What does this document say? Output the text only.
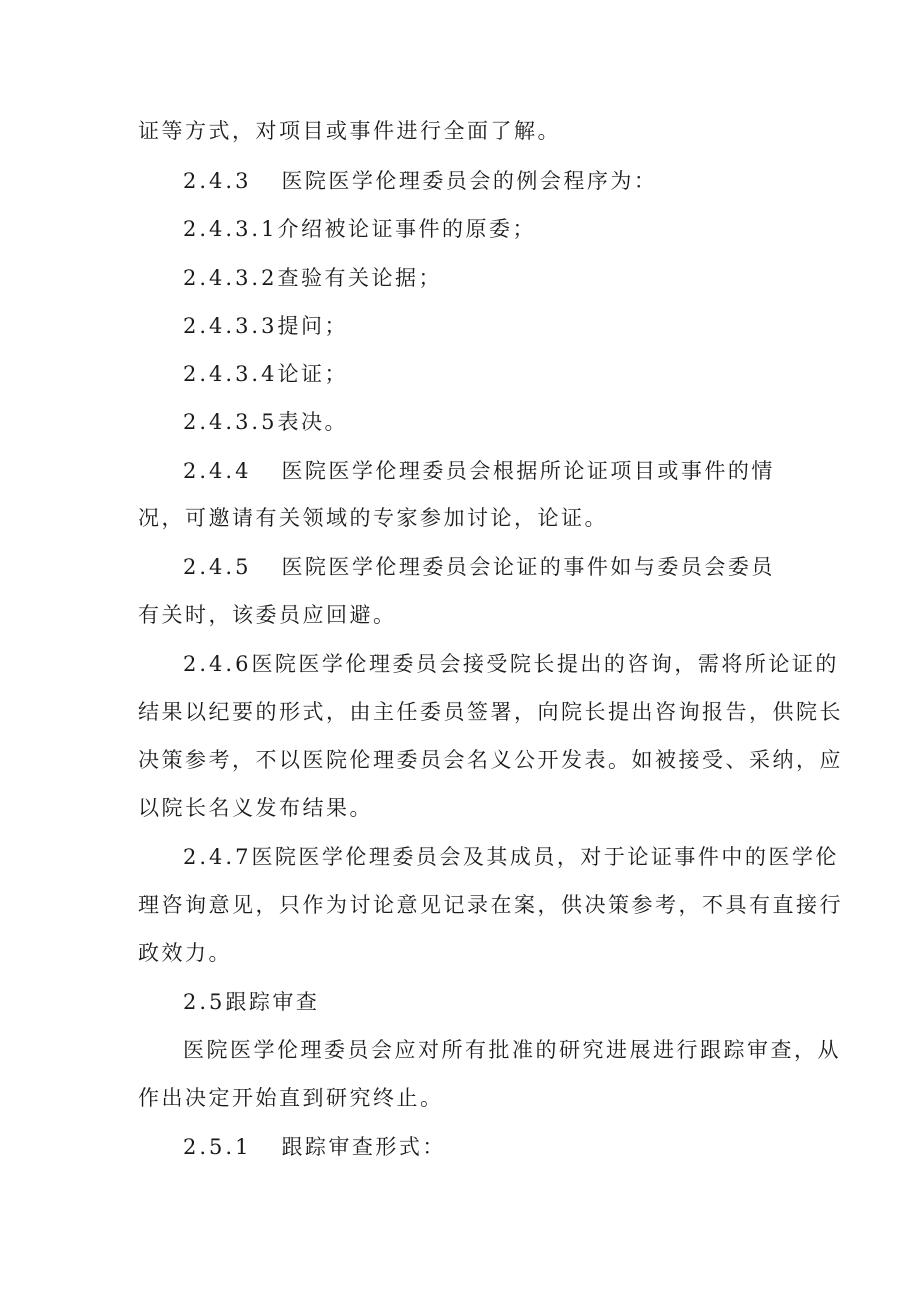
证等方式，对项目或事件进行全面了解。
2.4.3 医院医学伦理委员会的例会程序为：
2.4.3.1介绍被论证事件的原委；
2.4.3.2查验有关论据；
2.4.3.3提问；
2.4.3.4论证；
2.4.3.5表决。
2.4.4 医院医学伦理委员会根据所论证项目或事件的情
况，可邀请有关领域的专家参加讨论，论证。
2.4.5 医院医学伦理委员会论证的事件如与委员会委员
有关时，该委员应回避。
2.4.6医院医学伦理委员会接受院长提出的咨询，需将所论证的
结果以纪要的形式，由主任委员签署，向院长提出咨询报告，供院长
决策参考，不以医院伦理委员会名义公开发表。如被接受、采纳，应
以院长名义发布结果。
2.4.7医院医学伦理委员会及其成员，对于论证事件中的医学伦
理咨询意见，只作为讨论意见记录在案，供决策参考，不具有直接行
政效力。
2.5跟踪审查
医院医学伦理委员会应对所有批准的研究进展进行跟踪审查，从
作出决定开始直到研究终止。
2.5.1 跟踪审查形式：
